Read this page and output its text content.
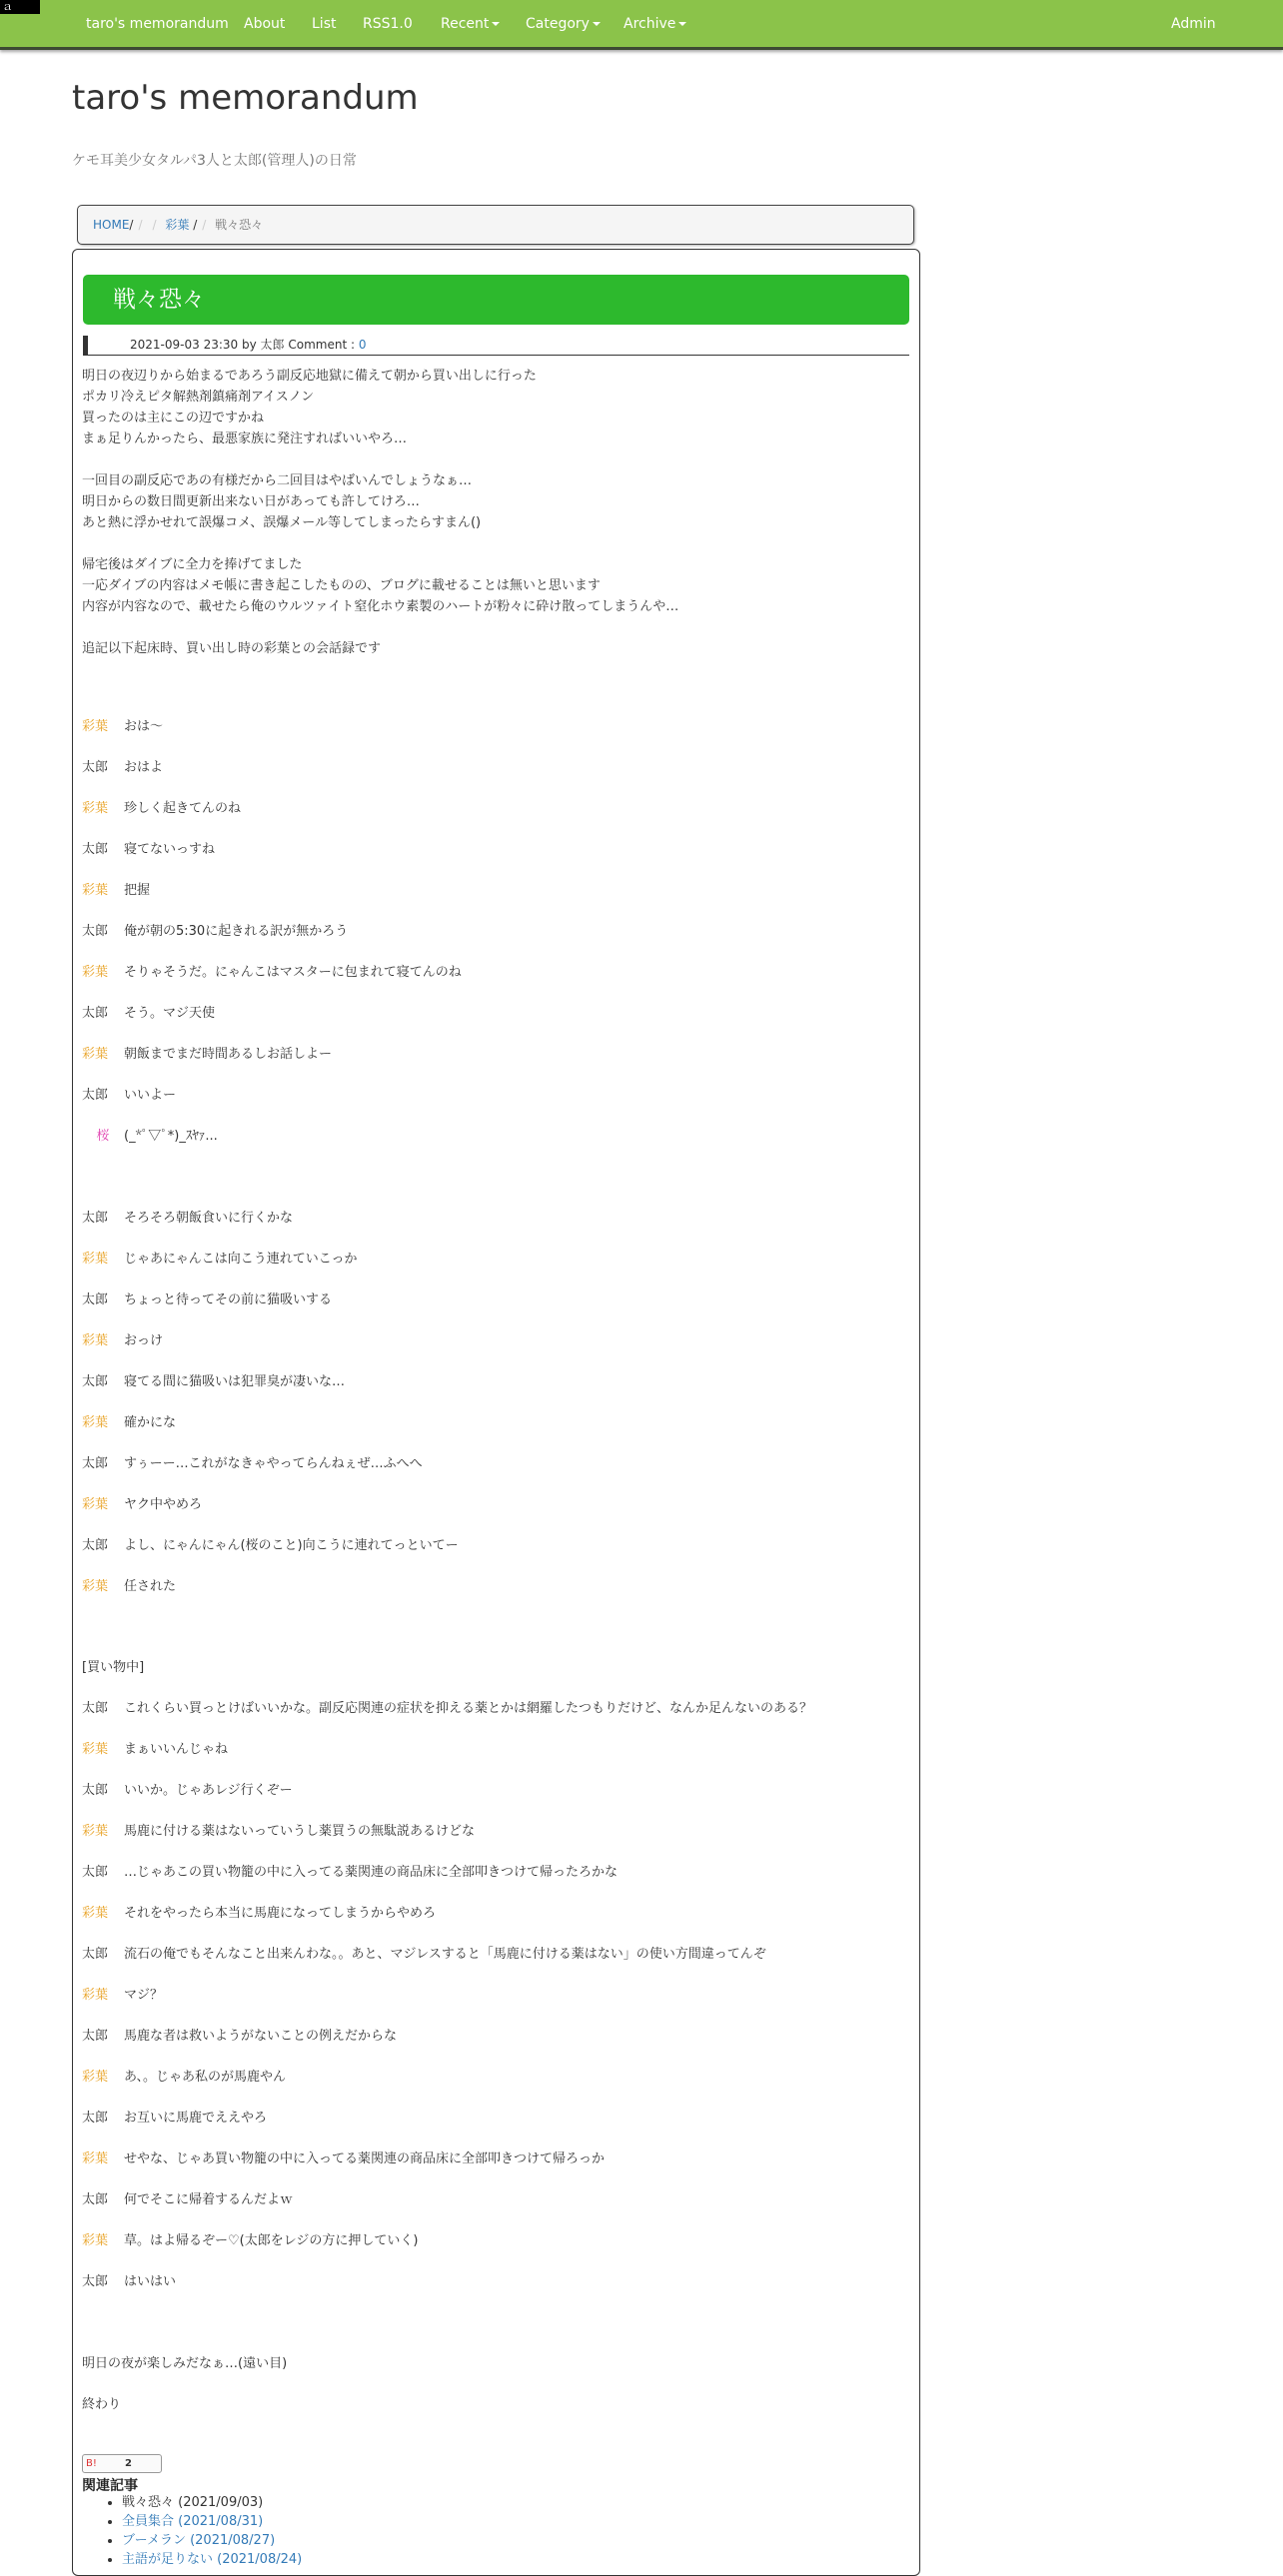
ａ
taro's memorandum About List RSS1.0 Recent	Category	Archive	Admin
taro's memorandum
ケモ耳美少女タルパ3人と太郎(管理人)の日常
HOME/ / / 彩葉 / / 戦々恐々
戦々恐々
2021-09-03 23:30 by 太郎 Comment : 0
明日の夜辺りから始まるであろう副反応地獄に備えて朝から買い出しに行った
ポカリ冷えピタ解熱剤鎮痛剤アイスノン
買ったのは主にこの辺ですかね
まぁ足りんかったら、最悪家族に発注すればいいやろ…
一回目の副反応であの有様だから二回目はやばいんでしょうなぁ…
明日からの数日間更新出来ない日があっても許してけろ…
あと熱に浮かせれて誤爆コメ、誤爆メール等してしまったらすまん()
帰宅後はダイブに全力を捧げてました
一応ダイブの内容はメモ帳に書き起こしたものの、ブログに載せることは無いと思います
内容が内容なので、載せたら俺のウルツァイト窒化ホウ素製のハートが粉々に砕け散ってしまうんや…
追記以下起床時、買い出し時の彩葉との会話録です
彩葉 おは〜
太郎 おはよ
彩葉 珍しく起きてんのね
太郎 寝てないっすね
彩葉 把握
太郎 俺が朝の5:30に起きれる訳が無かろう
彩葉 そりゃそうだ。にゃんこはマスターに包まれて寝てんのね
太郎 そう。マジ天使
彩葉 朝飯までまだ時間あるしお話しよー
太郎 いいよー
桜 (_*ﾟ▽ﾟ*)_ｽﾔｧ...
太郎 そろそろ朝飯食いに行くかな
彩葉 じゃあにゃんこは向こう連れていこっか
太郎 ちょっと待ってその前に猫吸いする
彩葉 おっけ
太郎 寝てる間に猫吸いは犯罪臭が凄いな…
彩葉 確かにな
太郎 すぅーー…これがなきゃやってらんねぇぜ…ふへへ
彩葉 ヤク中やめろ
太郎 よし、にゃんにゃん(桜のこと)向こうに連れてっといてー
彩葉 任された
[買い物中]
太郎 これくらい買っとけばいいかな。副反応関連の症状を抑える薬とかは網羅したつもりだけど、なんか足んないのある？
彩葉 まぁいいんじゃね
太郎 いいか。じゃあレジ行くぞー
彩葉 馬鹿に付ける薬はないっていうし薬買うの無駄説あるけどな
太郎 …じゃあこの買い物籠の中に入ってる薬関連の商品床に全部叩きつけて帰ったろかな
彩葉 それをやったら本当に馬鹿になってしまうからやめろ
太郎 流石の俺でもそんなこと出来んわな。。あと、マジレスすると「馬鹿に付ける薬はない」の使い方間違ってんぞ
彩葉 マジ？
太郎 馬鹿な者は救いようがないことの例えだからな
彩葉 あ、。じゃあ私のが馬鹿やん
太郎 お互いに馬鹿でええやろ
彩葉 せやな、じゃあ買い物籠の中に入ってる薬関連の商品床に全部叩きつけて帰ろっか
太郎 何でそこに帰着するんだよｗ
彩葉 草。はよ帰るぞー♡(太郎をレジの方に押していく)
太郎 はいはい
明日の夜が楽しみだなぁ…(遠い目)
終わり
B!	2
関連記事
• 戦々恐々 (2021/09/03)
• 全員集合 (2021/08/31)
• ブーメラン (2021/08/27)
• 主語が足りない (2021/08/24)
